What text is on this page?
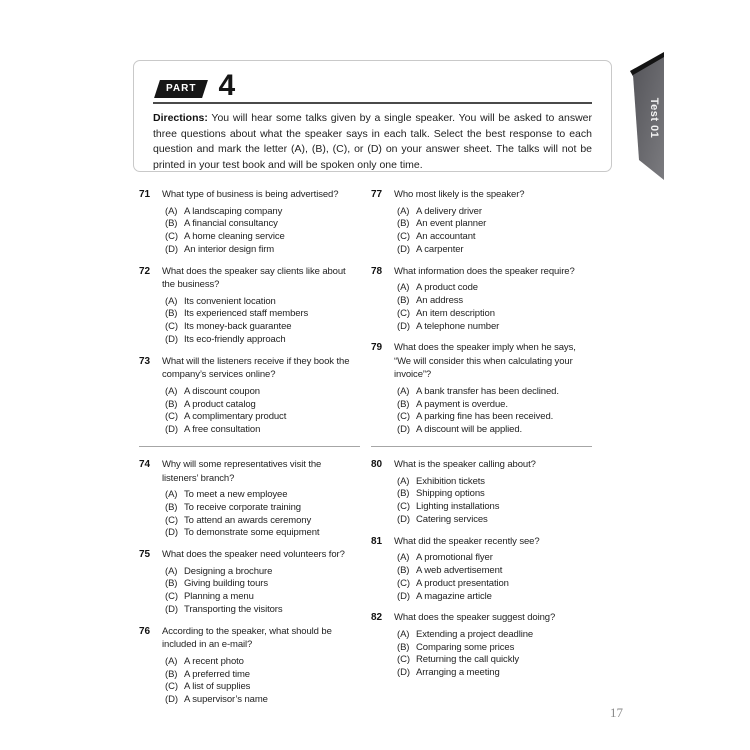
PART 4
Directions: You will hear some talks given by a single speaker. You will be asked to answer three questions about what the speaker says in each talk. Select the best response to each question and mark the letter (A), (B), (C), or (D) on your answer sheet. The talks will not be printed in your test book and will be spoken only one time.
Test 01
71	What type of business is being advertised?
(A) A landscaping company
(B) A financial consultancy
(C) A home cleaning service
(D) An interior design firm
72	What does the speaker say clients like about
the business?
(A) Its convenient location
(B) Its experienced staff members
(C) Its money-back guarantee
(D) Its eco-friendly approach
73	What will the listeners receive if they book the
company’s services online?
(A) A discount coupon
(B) A product catalog
(C) A complimentary product
(D) A free consultation
77	Who most likely is the speaker?
(A) A delivery driver
(B) An event planner
(C) An accountant
(D) A carpenter
78	What information does the speaker require?
(A) A product code
(B) An address
(C) An item description
(D) A telephone number
79	What does the speaker imply when he says,
“We will consider this when calculating your
invoice”?
(A) A bank transfer has been declined.
(B) A payment is overdue.
(C) A parking fine has been received.
(D) A discount will be applied.
74	Why will some representatives visit the
listeners’ branch?
(A) To meet a new employee
(B) To receive corporate training
(C) To attend an awards ceremony
(D) To demonstrate some equipment
75	What does the speaker need volunteers for?
(A) Designing a brochure
(B) Giving building tours
(C) Planning a menu
(D) Transporting the visitors
76	According to the speaker, what should be
included in an e-mail?
(A) A recent photo
(B) A preferred time
(C) A list of supplies
(D) A supervisor’s name
80	What is the speaker calling about?
(A) Exhibition tickets
(B) Shipping options
(C) Lighting installations
(D) Catering services
81	What did the speaker recently see?
(A) A promotional flyer
(B) A web advertisement
(C) A product presentation
(D) A magazine article
82	What does the speaker suggest doing?
(A) Extending a project deadline
(B) Comparing some prices
(C) Returning the call quickly
(D) Arranging a meeting
17
